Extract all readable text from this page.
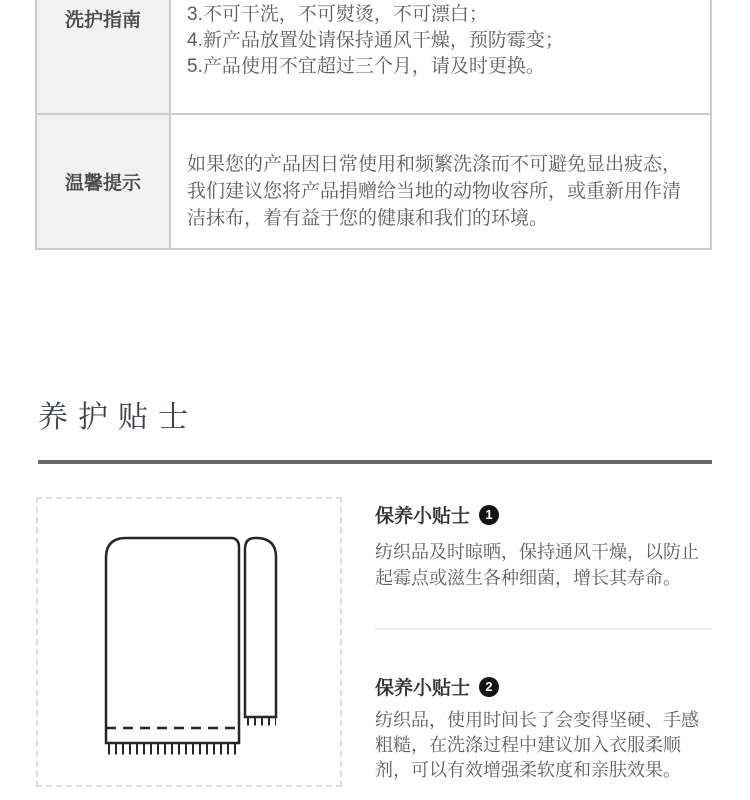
洗护指南 3.不可干洗，不可熨烫，不可漂白；
4.新产品放置处请保持通风干燥，预防霉变；
5.产品使用不宜超过三个月，请及时更换。
温馨提示
如果您的产品因日常使用和频繁洗涤而不可避免显出疲态，
我们建议您将产品捐赠给当地的动物收容所，或重新用作清
洁抹布，着有益于您的健康和我们的环境。
养护贴士
保养小贴士	1
纺织品及时晾晒，保持通风干燥，以防止
起霉点或滋生各种细菌，增长其寿命。
保养小贴士	2
纺织品，使用时间长了会变得坚硬、手感
粗糙，在洗涤过程中建议加入衣服柔顺
剂，可以有效增强柔软度和亲肤效果。
